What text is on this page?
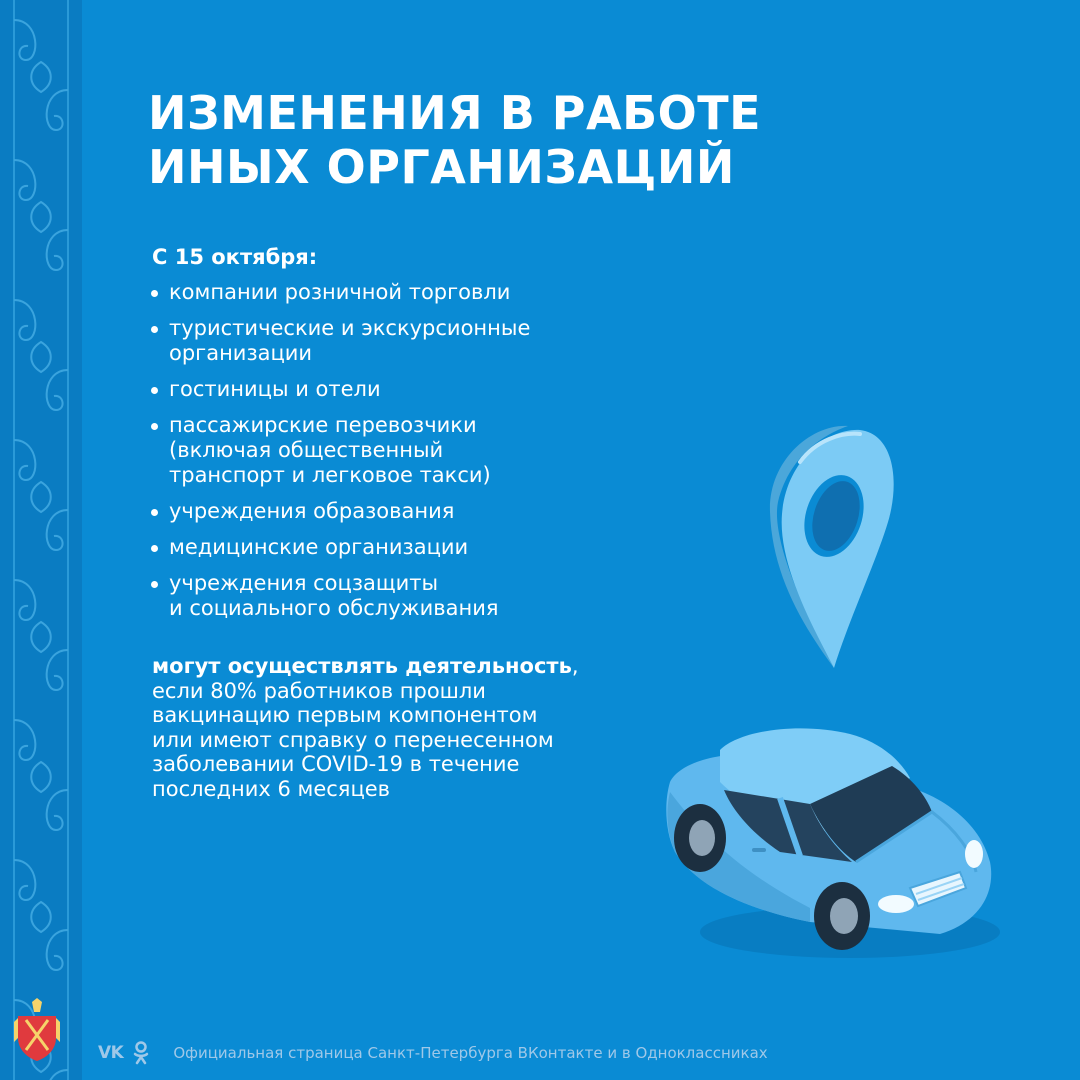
ИЗМЕНЕНИЯ В РАБОТЕ
ИНЫХ ОРГАНИЗАЦИЙ
С 15 октября:
компании розничной торговли
туристические и экскурсионные
организации
гостиницы и отели
пассажирские перевозчики
(включая общественный
транспорт и легковое такси)
учреждения образования
медицинские организации
учреждения соцзащиты
и социального обслуживания
могут осуществлять деятельность,
если 80% работников прошли
вакцинацию первым компонентом
или имеют справку о перенесенном
заболевании COVID-19 в течение
последних 6 месяцев
VK	Официальная страница Санкт-Петербурга ВКонтакте и в Одноклассниках
